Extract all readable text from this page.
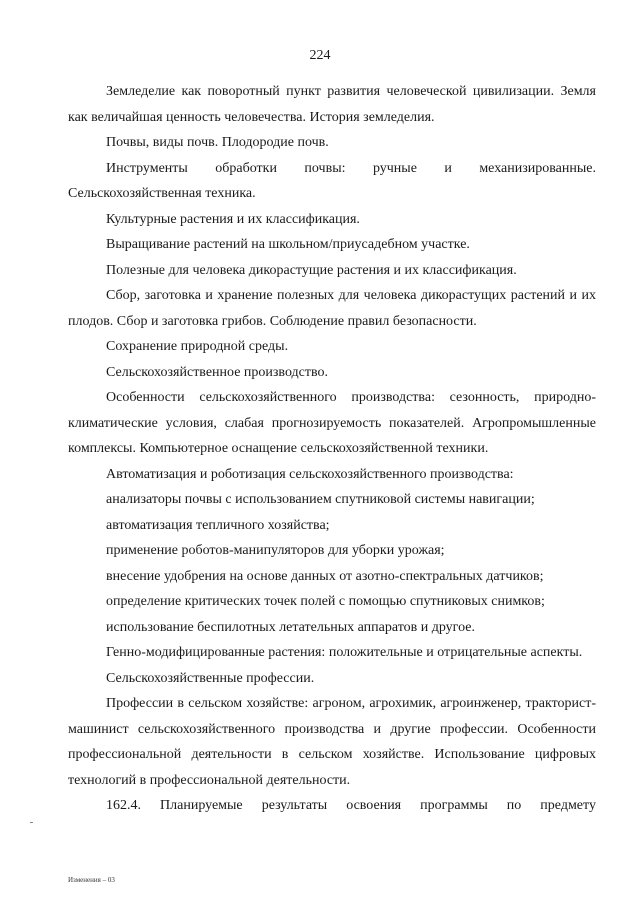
224

Земледелие как поворотный пункт развития человеческой цивилизации. Земля как величайшая ценность человечества. История земледелия.

Почвы, виды почв. Плодородие почв.

Инструменты обработки почвы: ручные и механизированные. Сельскохозяйственная техника.

Культурные растения и их классификация.

Выращивание растений на школьном/приусадебном участке.

Полезные для человека дикорастущие растения и их классификация.

Сбор, заготовка и хранение полезных для человека дикорастущих растений и их плодов. Сбор и заготовка грибов. Соблюдение правил безопасности.

Сохранение природной среды.

Сельскохозяйственное производство.

Особенности сельскохозяйственного производства: сезонность, природно-климатические условия, слабая прогнозируемость показателей. Агропромышленные комплексы. Компьютерное оснащение сельскохозяйственной техники.

Автоматизация и роботизация сельскохозяйственного производства:

анализаторы почвы с использованием спутниковой системы навигации;

автоматизация тепличного хозяйства;

применение роботов-манипуляторов для уборки урожая;

внесение удобрения на основе данных от азотно-спектральных датчиков;

определение критических точек полей с помощью спутниковых снимков;

использование беспилотных летательных аппаратов и другое.

Генно-модифицированные растения: положительные и отрицательные аспекты.

Сельскохозяйственные профессии.

Профессии в сельском хозяйстве: агроном, агрохимик, агроинженер, тракторист-машинист сельскохозяйственного производства и другие профессии. Особенности профессиональной деятельности в сельском хозяйстве. Использование цифровых технологий в профессиональной деятельности.

162.4. Планируемые результаты освоения программы по предмету
Изменения – 03
